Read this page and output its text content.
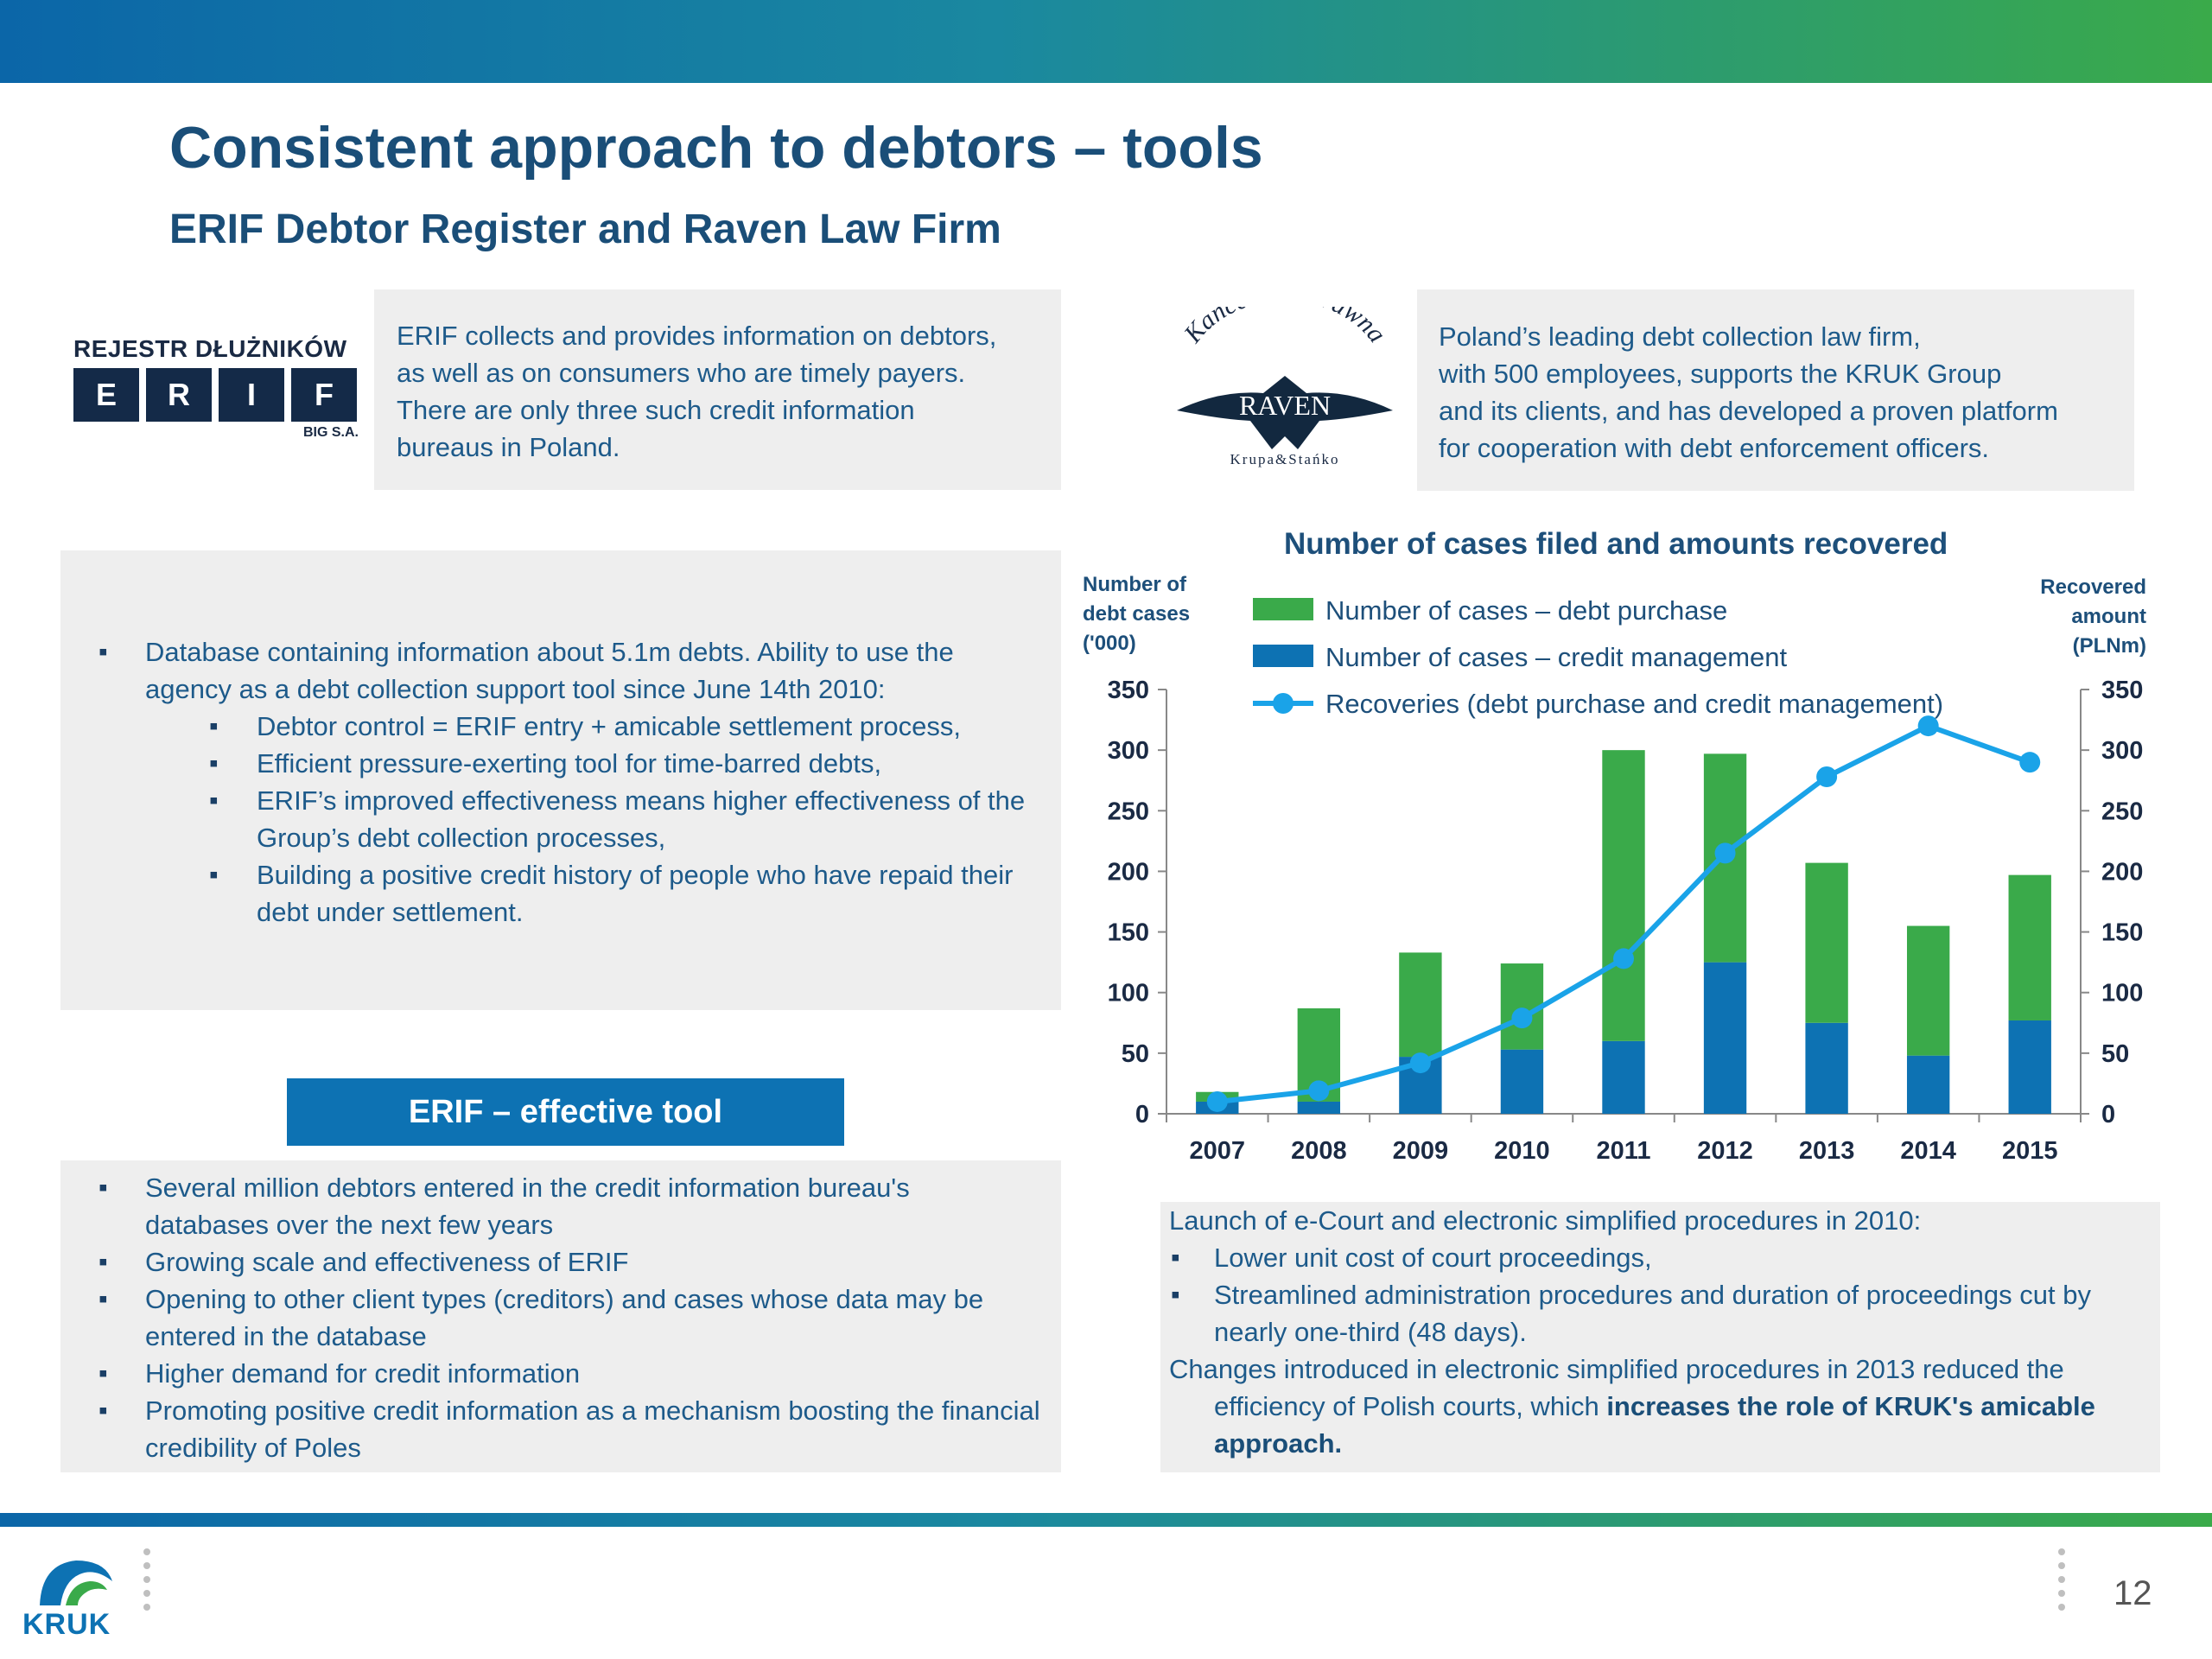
Consistent approach to debtors – tools
ERIF Debtor Register and Raven Law Firm
REJESTR DŁUŻNIKÓW
E	R	I	F
BIG S.A.

ERIF collects and provides information on debtors,

as well as on consumers who are timely payers.

There are only three such credit information

bureaus in Poland.

Kan wna
RAVEN
Krupa&Stańko

Poland’s leading debt collection law firm,

with 500 employees, supports the KRUK Group

and its clients, and has developed a proven platform

for cooperation with debt enforcement officers.

▪ Database containing information about 5.1m debts. Ability to use the agency as a debt collection support tool since June 14th 2010:
▪ Debtor control = ERIF entry + amicable settlement process,
▪ Efficient pressure-exerting tool for time-barred debts,
▪ ERIF’s improved effectiveness means higher effectiveness of the Group’s debt collection processes,
▪ Building a positive credit history of people who have repaid their debt under settlement.
ERIF – effective tool
▪ Several million debtors entered in the credit information bureau's databases over the next few years
▪ Growing scale and effectiveness of ERIF
▪ Opening to other client types (creditors) and cases whose data may be entered in the database
▪ Higher demand for credit information
▪ Promoting positive credit information as a mechanism boosting the financial credibility of Poles
Number of cases filed and amounts recovered
Number of
debt cases
('000)
Recovered
amount
(PLNm)
0	0
50	50
100	100
150	150
200	200
250	250
300	300
350	350
2007 2008 2009 2010 2011 2012 2013 2014 2015
Number of cases – debt purchase
Number of cases – credit management
Recoveries (debt purchase and credit management)
Launch of e-Court and electronic simplified procedures in 2010:
▪ Lower unit cost of court proceedings,
▪ Streamlined administration procedures and duration of proceedings cut by nearly one-third (48 days).
Changes introduced in electronic simplified procedures in 2013 reduced the efficiency of Polish courts, which increases the role of KRUK's amicable approach.
KRUK
12
